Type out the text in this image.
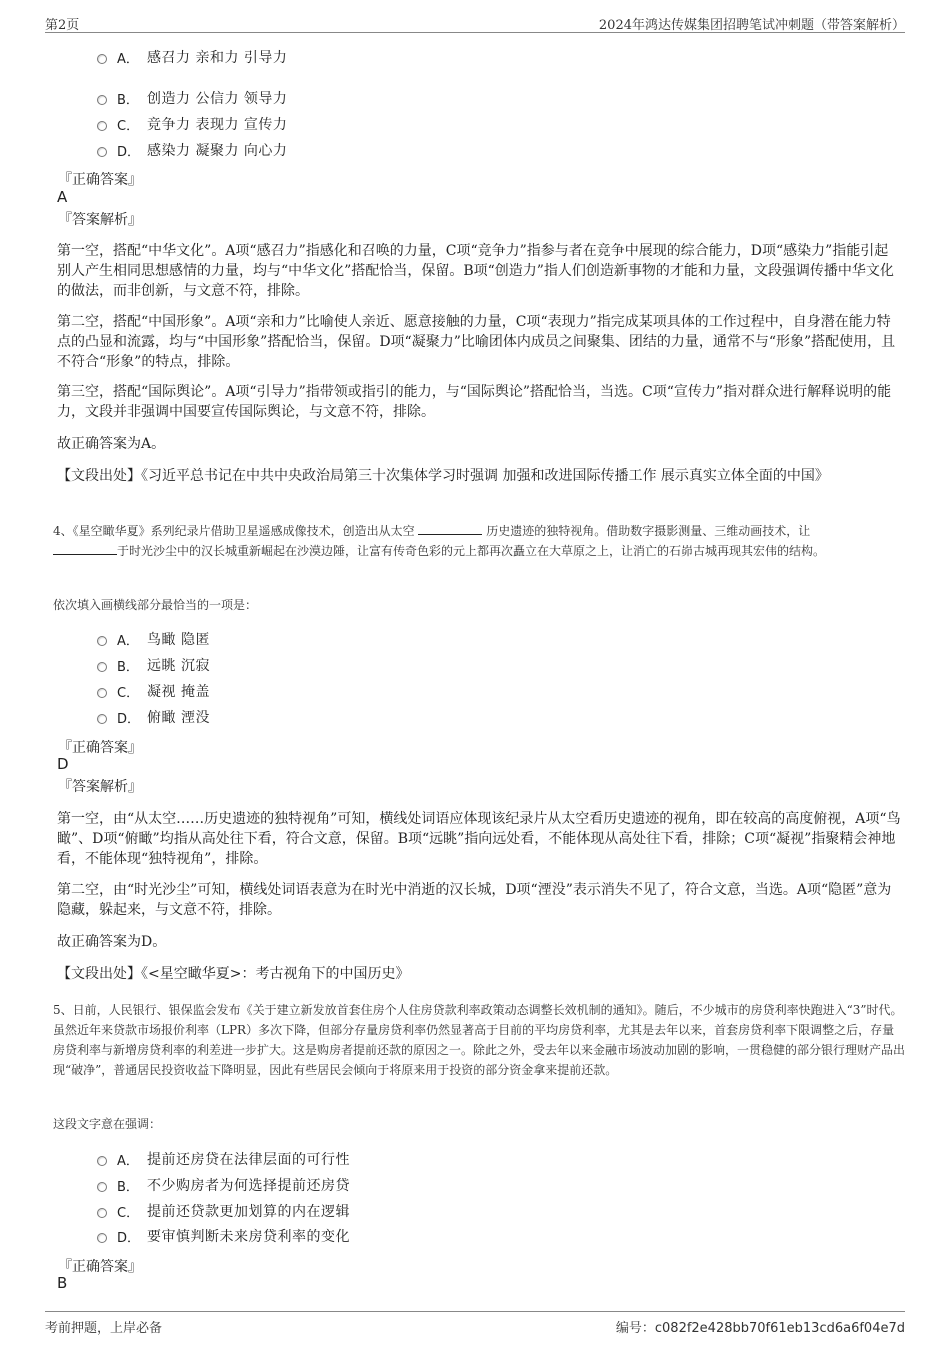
第2页	2024年鸿达传媒集团招聘笔试冲刺题（带答案解析）
A． 感召力 亲和力 引导力
B． 创造力 公信力 领导力
C． 竞争力 表现力 宣传力
D． 感染力 凝聚力 向心力
『正确答案』
A
『答案解析』
第一空，搭配“中华文化”。A项“感召力”指感化和召唤的力量，C项“竞争力”指参与者在竞争中展现的综合能力，D项“感染力”指能引起别人产生相同思想感情的力量，均与“中华文化”搭配恰当，保留。B项“创造力”指人们创造新事物的才能和力量，文段强调传播中华文化的做法，而非创新，与文意不符，排除。
第二空，搭配“中国形象”。A项“亲和力”比喻使人亲近、愿意接触的力量，C项“表现力”指完成某项具体的工作过程中，自身潜在能力特点的凸显和流露，均与“中国形象”搭配恰当，保留。D项“凝聚力”比喻团体内成员之间聚集、团结的力量，通常不与“形象”搭配使用，且不符合“形象”的特点，排除。
第三空，搭配“国际舆论”。A项“引导力”指带领或指引的能力，与“国际舆论”搭配恰当，当选。C项“宣传力”指对群众进行解释说明的能力，文段并非强调中国要宣传国际舆论，与文意不符，排除。
故正确答案为A。
【文段出处】《习近平总书记在中共中央政治局第三十次集体学习时强调 加强和改进国际传播工作 展示真实立体全面的中国》
4、《星空瞰华夏》系列纪录片借助卫星遥感成像技术，创造出从太空	历史遗迹的独特视角。借助数字摄影测量、三维动画技术，让
于时光沙尘中的汉长城重新崛起在沙漠边陲，让富有传奇色彩的元上都再次矗立在大草原之上，让消亡的石峁古城再现其宏伟的结构。
依次填入画横线部分最恰当的一项是：
A． 鸟瞰 隐匿
B． 远眺 沉寂
C． 凝视 掩盖
D． 俯瞰 湮没
『正确答案』
D
『答案解析』
第一空，由“从太空……历史遗迹的独特视角”可知，横线处词语应体现该纪录片从太空看历史遗迹的视角，即在较高的高度俯视，A项“鸟瞰”、D项“俯瞰”均指从高处往下看，符合文意，保留。B项“远眺”指向远处看，不能体现从高处往下看，排除；C项“凝视”指聚精会神地看，不能体现“独特视角”，排除。
第二空，由“时光沙尘”可知，横线处词语表意为在时光中消逝的汉长城，D项“湮没”表示消失不见了，符合文意，当选。A项“隐匿”意为隐藏，躲起来，与文意不符，排除。
故正确答案为D。
【文段出处】《<星空瞰华夏>：考古视角下的中国历史》
5、日前，人民银行、银保监会发布《关于建立新发放首套住房个人住房贷款利率政策动态调整长效机制的通知》。随后，不少城市的房贷利率快跑进入“3”时代。虽然近年来贷款市场报价利率（LPR）多次下降，但部分存量房贷利率仍然显著高于目前的平均房贷利率，尤其是去年以来，首套房贷利率下限调整之后，存量房贷利率与新增房贷利率的利差进一步扩大。这是购房者提前还款的原因之一。除此之外，受去年以来金融市场波动加剧的影响，一贯稳健的部分银行理财产品出现“破净”，普通居民投资收益下降明显，因此有些居民会倾向于将原来用于投资的部分资金拿来提前还款。
这段文字意在强调：
A． 提前还房贷在法律层面的可行性
B． 不少购房者为何选择提前还房贷
C． 提前还贷款更加划算的内在逻辑
D． 要审慎判断未来房贷利率的变化
『正确答案』
B
考前押题，上岸必备	编号：c082f2e428bb70f61eb13cd6a6f04e7d
